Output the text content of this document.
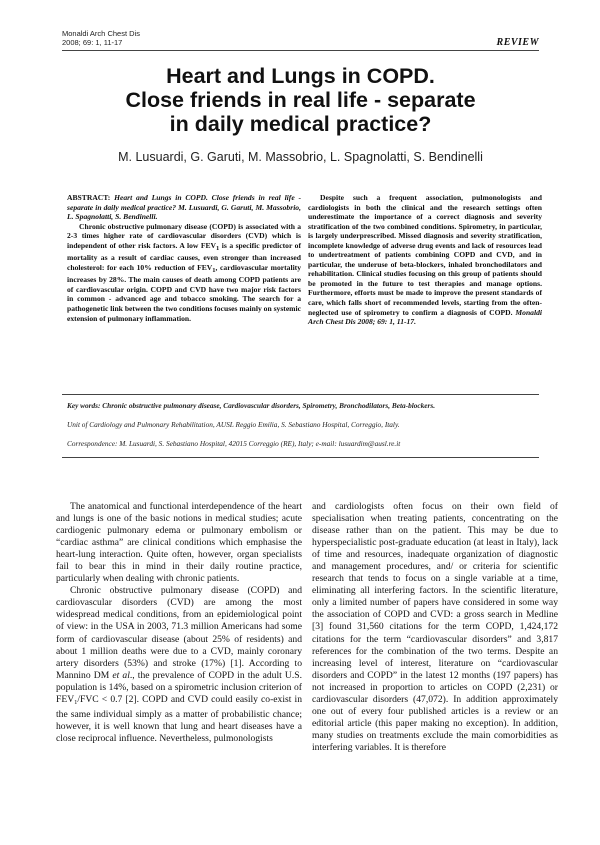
Monaldi Arch Chest Dis
2008; 69: 1, 11-17	REVIEW
Heart and Lungs in COPD.
Close friends in real life - separate
in daily medical practice?
M. Lusuardi, G. Garuti, M. Massobrio, L. Spagnolatti, S. Bendinelli

ABSTRACT: Heart and Lungs in COPD. Close friends in real life - separate in daily medical practice? M. Lusuardi, G. Garuti, M. Massobrio, L. Spagnolatti, S. Bendinelli.

Chronic obstructive pulmonary disease (COPD) is associated with a 2-3 times higher rate of cardiovascular disorders (CVD) which is independent of other risk factors. A low FEV1 is a specific predictor of mortality as a result of cardiac causes, even stronger than increased cholesterol: for each 10% reduction of FEV1, cardiovascular mortality increases by 28%. The main causes of death among COPD patients are of cardiovascular origin. COPD and CVD have two major risk factors in common - advanced age and tobacco smoking. The search for a pathogenetic link between the two conditions focuses mainly on systemic extension of pulmonary inflammation.

Despite such a frequent association, pulmonologists and cardiologists in both the clinical and the research settings often underestimate the importance of a correct diagnosis and severity stratification of the two combined conditions. Spirometry, in particular, is largely underprescribed. Missed diagnosis and severity stratification, incomplete knowledge of adverse drug events and lack of resources lead to undertreatment of patients combining COPD and CVD, and in particular, the underuse of beta-blockers, inhaled bronchodilators and rehabilitation. Clinical studies focusing on this group of patients should be promoted in the future to test therapies and manage options. Furthermore, efforts must be made to improve the present standards of care, which falls short of recommended levels, starting from the often-neglected use of spirometry to confirm a diagnosis of COPD. Monaldi Arch Chest Dis 2008; 69: 1, 11-17.

Key words: Chronic obstructive pulmonary disease, Cardiovascular disorders, Spirometry, Bronchodilators, Beta-blockers.
Unit of Cardiology and Pulmonary Rehabilitation, AUSL Reggio Emilia, S. Sebastiano Hospital, Correggio, Italy.
Correspondence: M. Lusuardi, S. Sebastiano Hospital, 42015 Correggio (RE), Italy; e-mail: lusuardim@ausl.re.it

The anatomical and functional interdependence of the heart and lungs is one of the basic notions in medical studies; acute cardiogenic pulmonary edema or pulmonary embolism or “cardiac asthma” are clinical conditions which emphasise the heart-lung interaction. Quite often, however, organ specialists fail to bear this in mind in their daily routine practice, particularly when dealing with chronic patients.

Chronic obstructive pulmonary disease (COPD) and cardiovascular disorders (CVD) are among the most widespread medical conditions, from an epidemiological point of view: in the USA in 2003, 71.3 million Americans had some form of cardiovascular disease (about 25% of residents) and about 1 million deaths were due to a CVD, mainly coronary artery disorders (53%) and stroke (17%) [1]. According to Mannino DM et al., the prevalence of COPD in the adult U.S. population is 14%, based on a spirometric inclusion criterion of $FEV_1$/FVC < 0.7 [2]. COPD and CVD could easily co-exist in the same individual simply as a matter of probabilistic chance; however, it is well known that lung and heart diseases have a close reciprocal influence. Nevertheless, pulmonologists

and cardiologists often focus on their own field of specialisation when treating patients, concentrating on the disease rather than on the patient. This may be due to hyperspecialistic post-graduate education (at least in Italy), lack of time and resources, inadequate organization of diagnostic and management procedures, and/ or criteria for scientific research that tends to focus on a single variable at a time, eliminating all interfering factors. In the scientific literature, only a limited number of papers have considered in some way the association of COPD and CVD: a gross search in Medline [3] found 31,560 citations for the term COPD, 1,424,172 citations for the term “cardiovascular disorders” and 3,817 references for the combination of the two terms. Despite an increasing level of interest, literature on “cardiovascular disorders and COPD” in the latest 12 months (197 papers) has not increased in proportion to articles on COPD (2,231) or cardiovascular disorders (47,072). In addition approximately one out of every four published articles is a review or an editorial article (this paper making no exception). In addition, many studies on treatments exclude the main comorbidities as interfering variables. It is therefore
